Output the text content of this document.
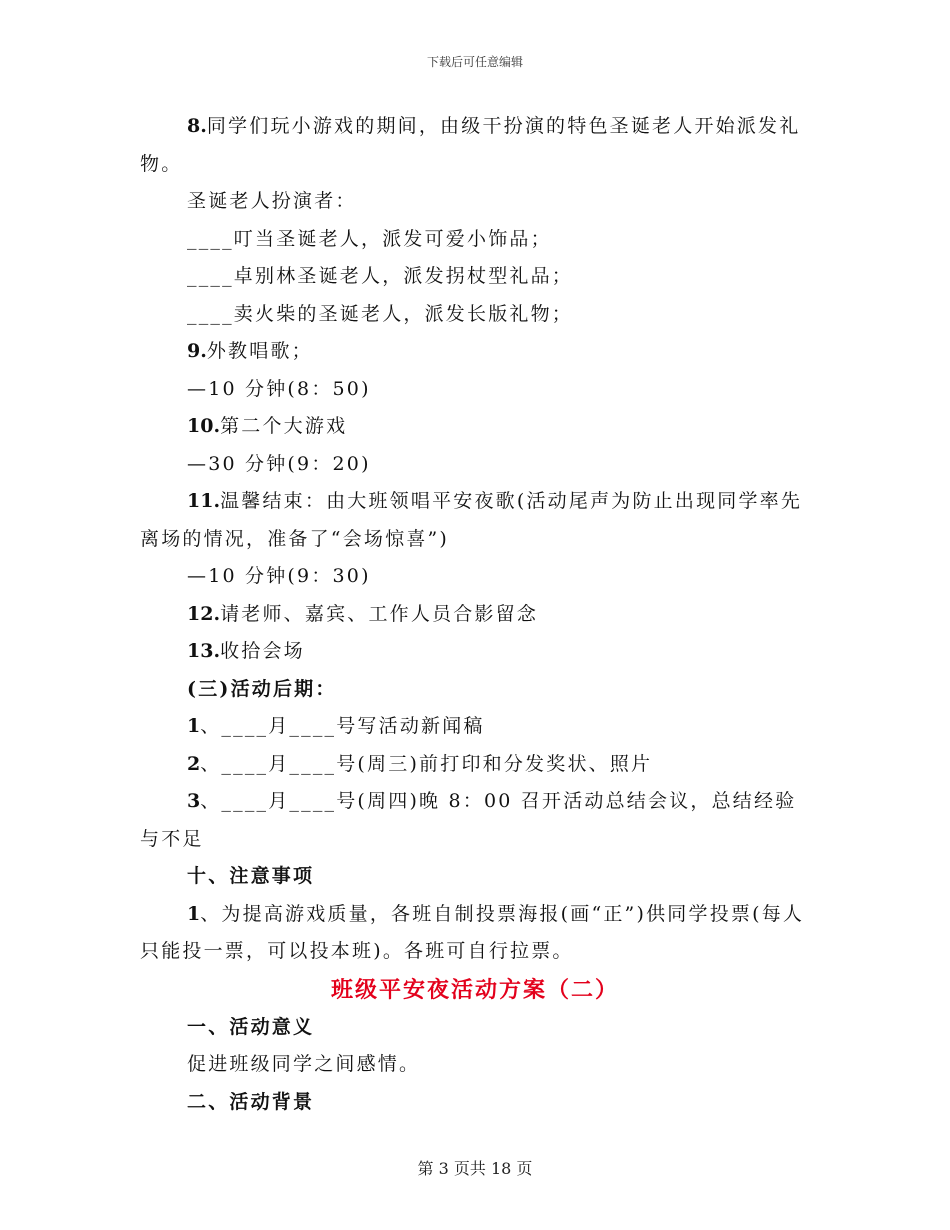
下载后可任意编辑
8.同学们玩小游戏的期间，由级干扮演的特色圣诞老人开始派发礼物。
圣诞老人扮演者：
____叮当圣诞老人，派发可爱小饰品；
____卓别林圣诞老人，派发拐杖型礼品；
____卖火柴的圣诞老人，派发长版礼物；
9.外教唱歌；
—10 分钟(8：50)
10.第二个大游戏
—30 分钟(9：20)
11.温馨结束：由大班领唱平安夜歌(活动尾声为防止出现同学率先离场的情况，准备了“会场惊喜”)
—10 分钟(9：30)
12.请老师、嘉宾、工作人员合影留念
13.收拾会场
(三)活动后期：
1、____月____号写活动新闻稿
2、____月____号(周三)前打印和分发奖状、照片
3、____月____号(周四)晚 8：00 召开活动总结会议，总结经验与不足
十、注意事项
1、为提高游戏质量，各班自制投票海报(画“正”)供同学投票(每人只能投一票，可以投本班)。各班可自行拉票。
班级平安夜活动方案（二）
一、活动意义
促进班级同学之间感情。
二、活动背景
第 3 页共 18 页
